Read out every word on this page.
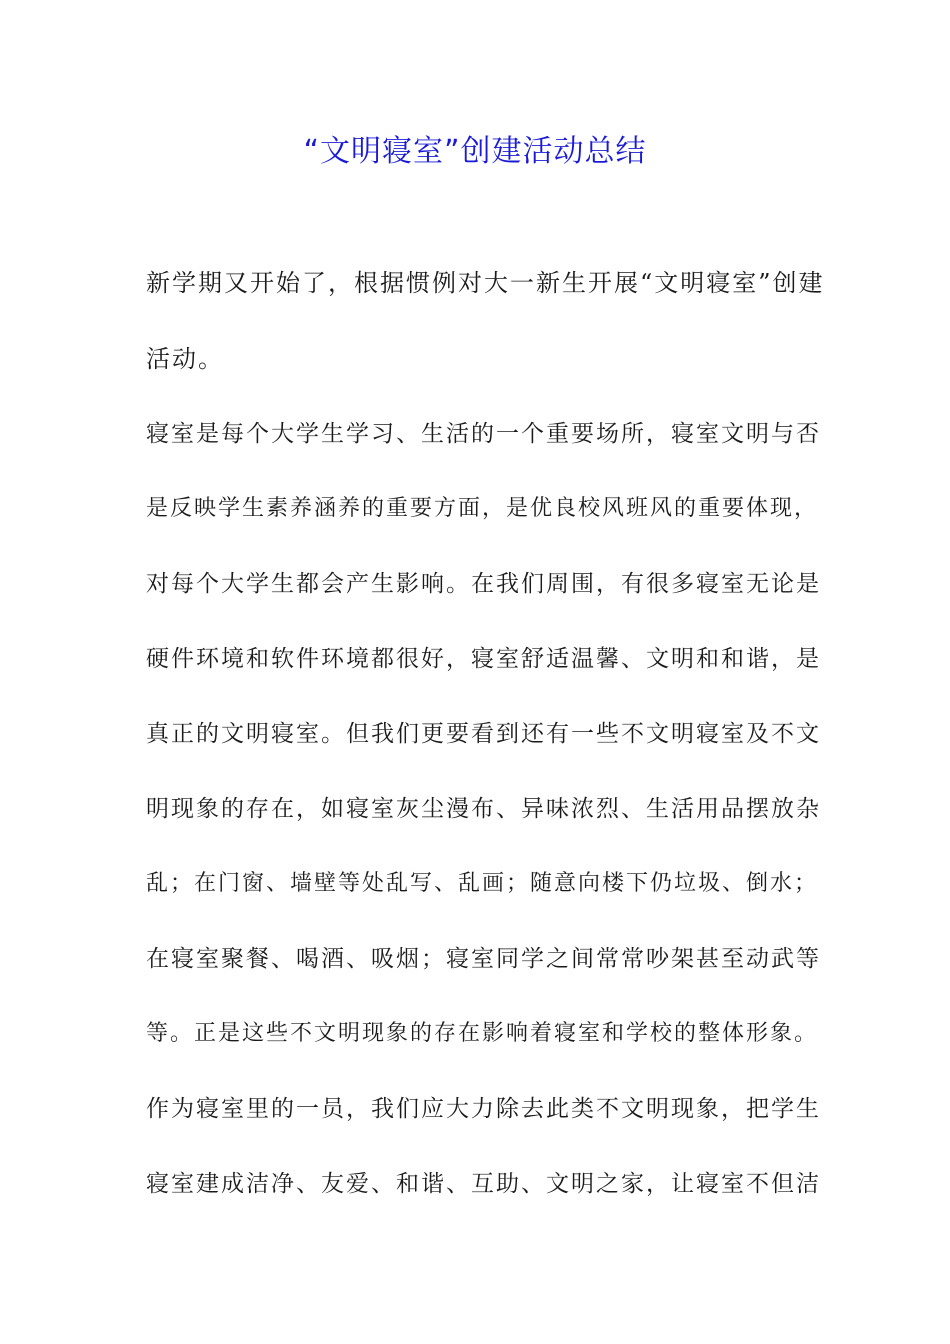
“文明寝室”创建活动总结
新学期又开始了，根据惯例对大一新生开展“文明寝室”创建
活动。
寝室是每个大学生学习、生活的一个重要场所，寝室文明与否
是反映学生素养涵养的重要方面，是优良校风班风的重要体现，
对每个大学生都会产生影响。在我们周围，有很多寝室无论是
硬件环境和软件环境都很好，寝室舒适温馨、文明和和谐，是
真正的文明寝室。但我们更要看到还有一些不文明寝室及不文
明现象的存在，如寝室灰尘漫布、异味浓烈、生活用品摆放杂
乱；在门窗、墙壁等处乱写、乱画；随意向楼下仍垃圾、倒水；
在寝室聚餐、喝酒、吸烟；寝室同学之间常常吵架甚至动武等
等。正是这些不文明现象的存在影响着寝室和学校的整体形象。
作为寝室里的一员，我们应大力除去此类不文明现象，把学生
寝室建成洁净、友爱、和谐、互助、文明之家，让寝室不但洁
